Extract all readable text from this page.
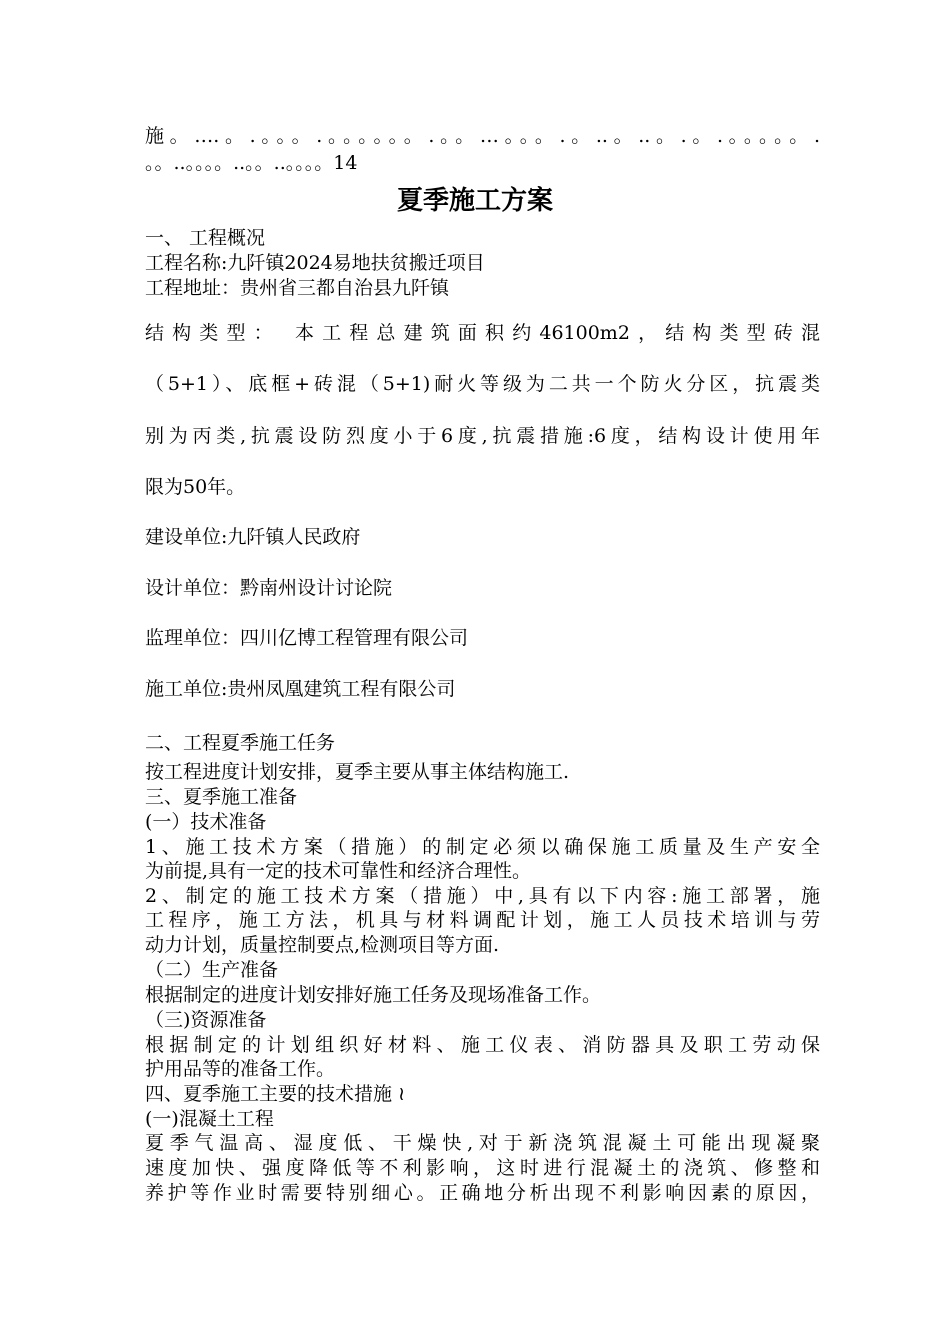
施。….。.。。。.。。。。。。.。。…。。。.。..。..。.。.。。。。。.
。。..。。。。..。。..。。。。14
夏季施工方案
一、 工程概况
工程名称:九阡镇2024易地扶贫搬迁项目
工程地址：贵州省三都自治县九阡镇
结构类型： 本工程总建筑面积约46100m2，结构类型砖混
（5+1）、底框+砖混（5+1)耐火等级为二共一个防火分区，抗震类
别为丙类,抗震设防烈度小于6度,抗震措施:6度，结构设计使用年
限为50年。
建设单位:九阡镇人民政府
设计单位：黔南州设计讨论院
监理单位：四川亿博工程管理有限公司
施工单位:贵州凤凰建筑工程有限公司
二、工程夏季施工任务
按工程进度计划安排，夏季主要从事主体结构施工.
三、夏季施工准备
(一）技术准备
1、施工技术方案（措施）的制定必须以确保施工质量及生产安全
为前提,具有一定的技术可靠性和经济合理性。
2、制定的施工技术方案（措施）中,具有以下内容:施工部署，施
工程序，施工方法，机具与材料调配计划，施工人员技术培训与劳
动力计划，质量控制要点,检测项目等方面.
（二）生产准备
根据制定的进度计划安排好施工任务及现场准备工作。
（三)资源准备
根据制定的计划组织好材料、施工仪表、消防器具及职工劳动保
护用品等的准备工作。
四、夏季施工主要的技术措施 ≀
(一)混凝土工程
夏季气温高、湿度低、干燥快,对于新浇筑混凝土可能出现凝聚
速度加快、强度降低等不利影响，这时进行混凝土的浇筑、修整和
养护等作业时需要特别细心。正确地分析出现不利影响因素的原因，
